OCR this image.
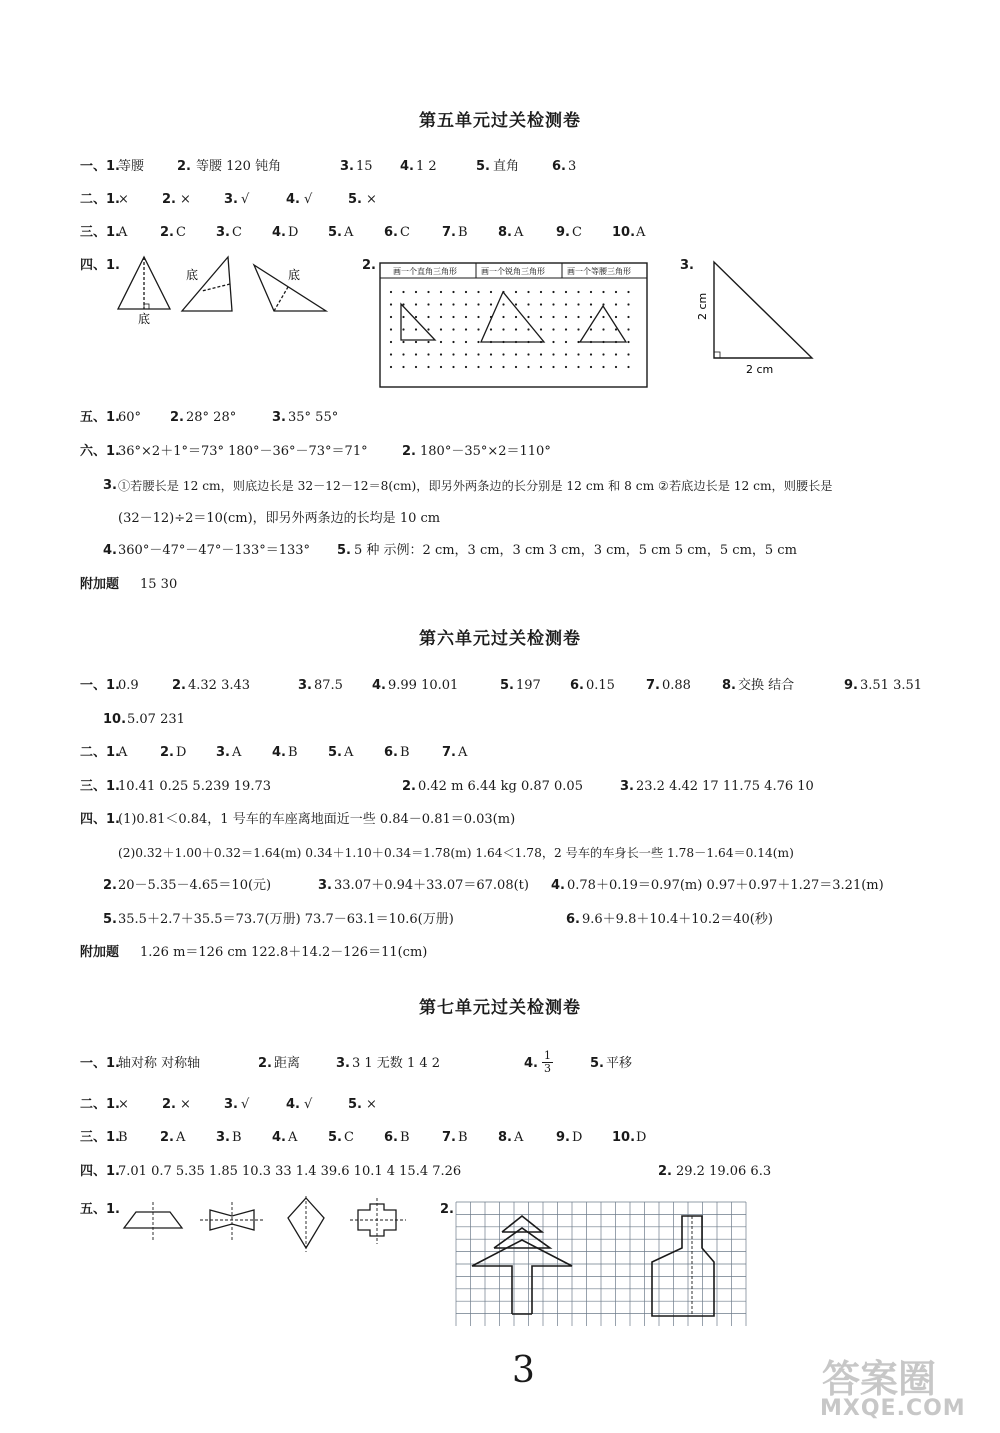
第五单元过关检测卷
一、1.
等腰	2. 等腰 120 钝角	3. 15 4. 1 2	5. 直角	6. 3
二、1.
×	2. ×	3. √	4. √	5. ×
三、1.
A	2. C 3. C 4. D 5. A 6. C 7. B 8. A	9. C 10. A
四、1.	2.	3.
底
底	底	画一个直角三角形	画一个锐角三角形	画一个等腰三角形
2 cm
2 cm
五、1.
60° 2. 28° 28°	3. 35° 55°
六、1.
36°×2＋1°＝73° 180°－36°－73°＝71°	2. 180°－35°×2＝110°
3. ①若腰长是 12 cm，则底边长是 32－12－12＝8(cm)，即另外两条边的长分别是 12 cm 和 8 cm ②若底边长是 12 cm，则腰长是
(32－12)÷2＝10(cm)，即另外两条边的长均是 10 cm
4. 360°－47°－47°－133°＝133° 5. 5 种 示例：2 cm，3 cm，3 cm 3 cm，3 cm，5 cm 5 cm，5 cm，5 cm
附加题 15 30
第六单元过关检测卷
一、1.
0.9	2. 4.32 3.43	3. 87.5 4. 9.99 10.01	5. 197 6. 0.15 7. 0.88 8. 交换 结合	9. 3.51 3.51
10. 5.07 231
二、1.
A	2. D 3. A 4. B 5. A 6. B 7. A
三、1.
10.41 0.25 5.239 19.73	2. 0.42 m 6.44 kg 0.87 0.05	3. 23.2 4.42 17 11.75 4.76 10
四、1.
(1)0.81＜0.84，1 号车的车座离地面近一些 0.84－0.81＝0.03(m)
(2)0.32＋1.00＋0.32＝1.64(m) 0.34＋1.10＋0.34＝1.78(m) 1.64＜1.78，2 号车的车身长一些 1.78－1.64＝0.14(m)
2. 20－5.35－4.65＝10(元)	3. 33.07＋0.94＋33.07＝67.08(t) 4. 0.78＋0.19＝0.97(m) 0.97＋0.97＋1.27＝3.21(m)
5. 35.5＋2.7＋35.5＝73.7(万册) 73.7－63.1＝10.6(万册)	6. 9.6＋9.8＋10.4＋10.2＝40(秒)
附加题 1.26 m＝126 cm 122.8＋14.2－126＝11(cm)
第七单元过关检测卷
一、1.
轴对称 对称轴	2. 距离	3. 3 1 无数 1 4 2	4. $\frac{1}{3}$	5. 平移
二、1.
×	2. ×	3. √	4. √	5. ×
三、1.
B 2. A 3. B 4. A 5. C 6. B 7. B 8. A	9. D 10. D
四、1.
7.01 0.7 5.35 1.85 10.3 33 1.4 39.6 10.1 4 15.4 7.26	2. 29.2 19.06 6.3
五、1.	2.
3	答案圈
MXQE.COM
